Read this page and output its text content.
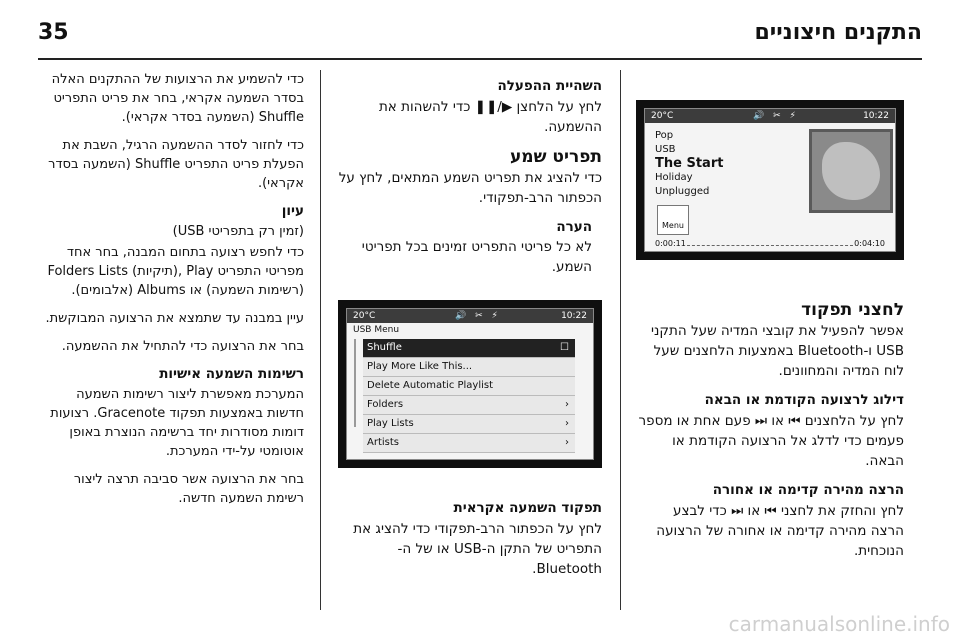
35	התקנים חיצוניים
לחצני תפקוד

אפשר להפעיל את קובצי המדיה שעל התקני USB ו-Bluetooth באמצעות הלחצנים שעל לוח המדיה והמחוונים.

דילוג לרצועה הקודמת או הבאה

לחץ על הלחצנים ⏮ או ⏭ פעם אחת או מספר פעמים כדי לדלג אל הרצועה הקודמת או הבאה.

הרצה מהירה קדימה או אחורה

לחץ והחזק את לחצני ⏮ או ⏭ כדי לבצע הרצה מהירה קדימה או אחורה של הרצועה הנוכחית.

20°C	🔊 ✂ ⚡	10:22
Pop
USB
The Start
Holiday
Unplugged
Menu
0:00:11	0:04:10
השהיית ההפעלה

לחץ על הלחצן ▶/❚❚ כדי להשהות את ההשמעה.

תפריט שמע

כדי להציג את תפריט השמע המתאים, לחץ על הכפתור הרב-תפקודי.

הערה

לא כל פריטי התפריט זמינים בכל תפריטי השמע.

20°C	🔊 ✂ ⚡	10:22
USB Menu
Shuffle	☐
Play More Like This...
Delete Automatic Playlist
Folders	›
Play Lists	›
Artists	›
תפקוד השמעה אקראית

לחץ על הכפתור הרב-תפקודי כדי להציג את התפריט של התקן ה-USB או של ה-Bluetooth.

כדי להשמיע את הרצועות של ההתקנים האלה בסדר השמעה אקראי, בחר את פריט התפריט Shuffle (השמעה בסדר אקראי).

כדי לחזור לסדר ההשמעה הרגיל, השבת את הפעלת פריט התפריט Shuffle (השמעה בסדר אקראי).

עיון

(זמין רק בתפריטי USB)

כדי לחפש רצועה בתחום המבנה, בחר אחד מפריטי התפריט Play ,(תיקיות) Folders Lists (רשימות השמעה) או Albums (אלבומים).

עיין במבנה עד שתמצא את הרצועה המבוקשת.

בחר את הרצועה כדי להתחיל את ההשמעה.

רשימות השמעה אישיות

המערכת מאפשרת ליצור רשימות השמעה חדשות באמצעות תפקוד Gracenote. רצועות דומות מסודרות יחד ברשימה הנוצרת באופן אוטומטי על-ידי המערכת.

בחר את הרצועה אשר סביבה תרצה ליצור רשימת השמעה חדשה.

carmanualsonline.info
